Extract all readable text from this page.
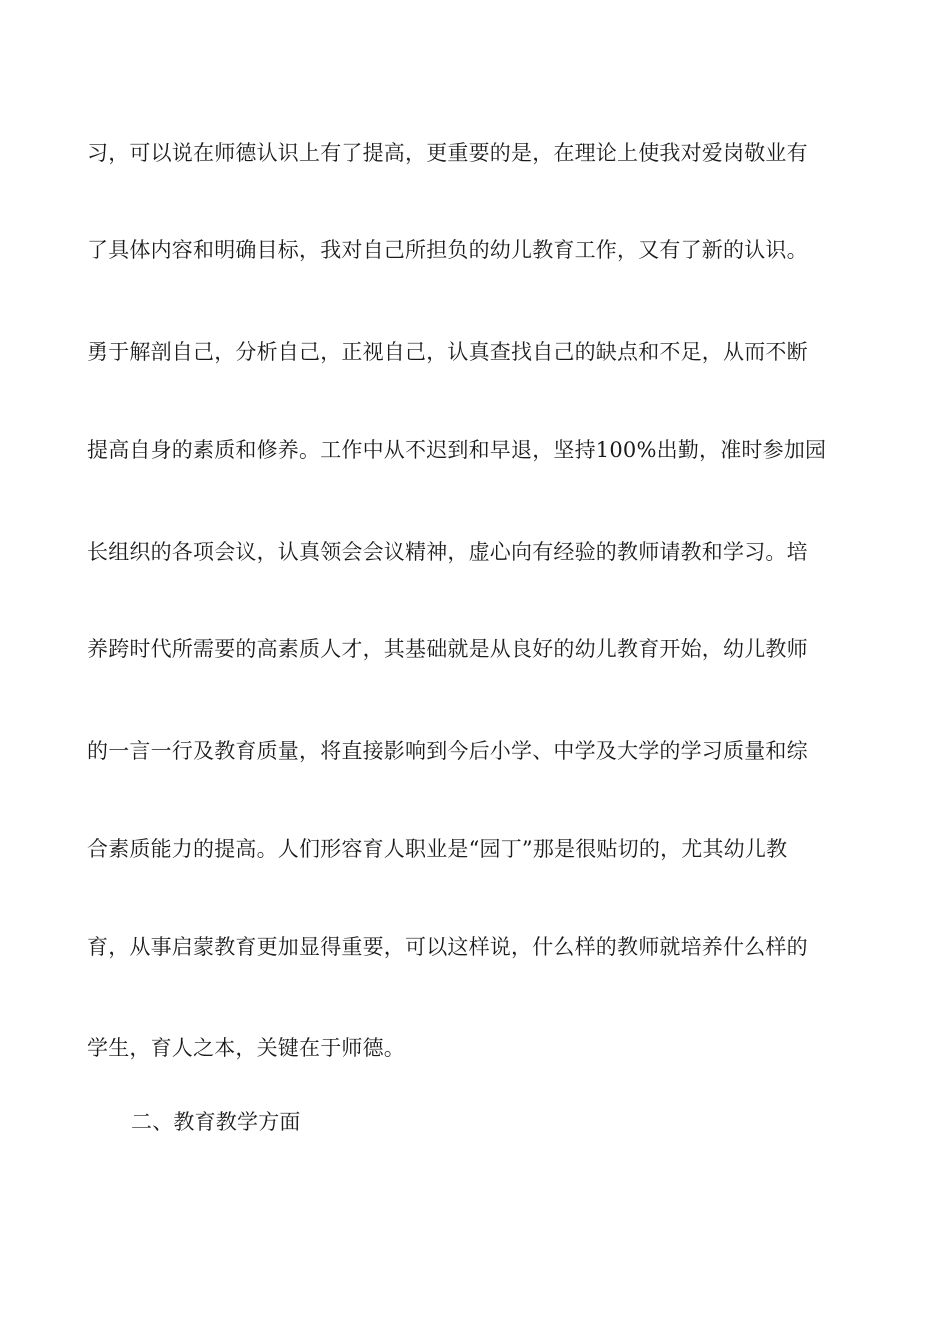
习，可以说在师德认识上有了提高，更重要的是，在理论上使我对爱岗敬业有
了具体内容和明确目标，我对自己所担负的幼儿教育工作，又有了新的认识。
勇于解剖自己，分析自己，正视自己，认真查找自己的缺点和不足，从而不断
提高自身的素质和修养。工作中从不迟到和早退，坚持100%出勤，准时参加园
长组织的各项会议，认真领会会议精神，虚心向有经验的教师请教和学习。培
养跨时代所需要的高素质人才，其基础就是从良好的幼儿教育开始，幼儿教师
的一言一行及教育质量，将直接影响到今后小学、中学及大学的学习质量和综
合素质能力的提高。人们形容育人职业是“园丁”那是很贴切的，尤其幼儿教
育，从事启蒙教育更加显得重要，可以这样说，什么样的教师就培养什么样的
学生，育人之本，关键在于师德。
二、教育教学方面
